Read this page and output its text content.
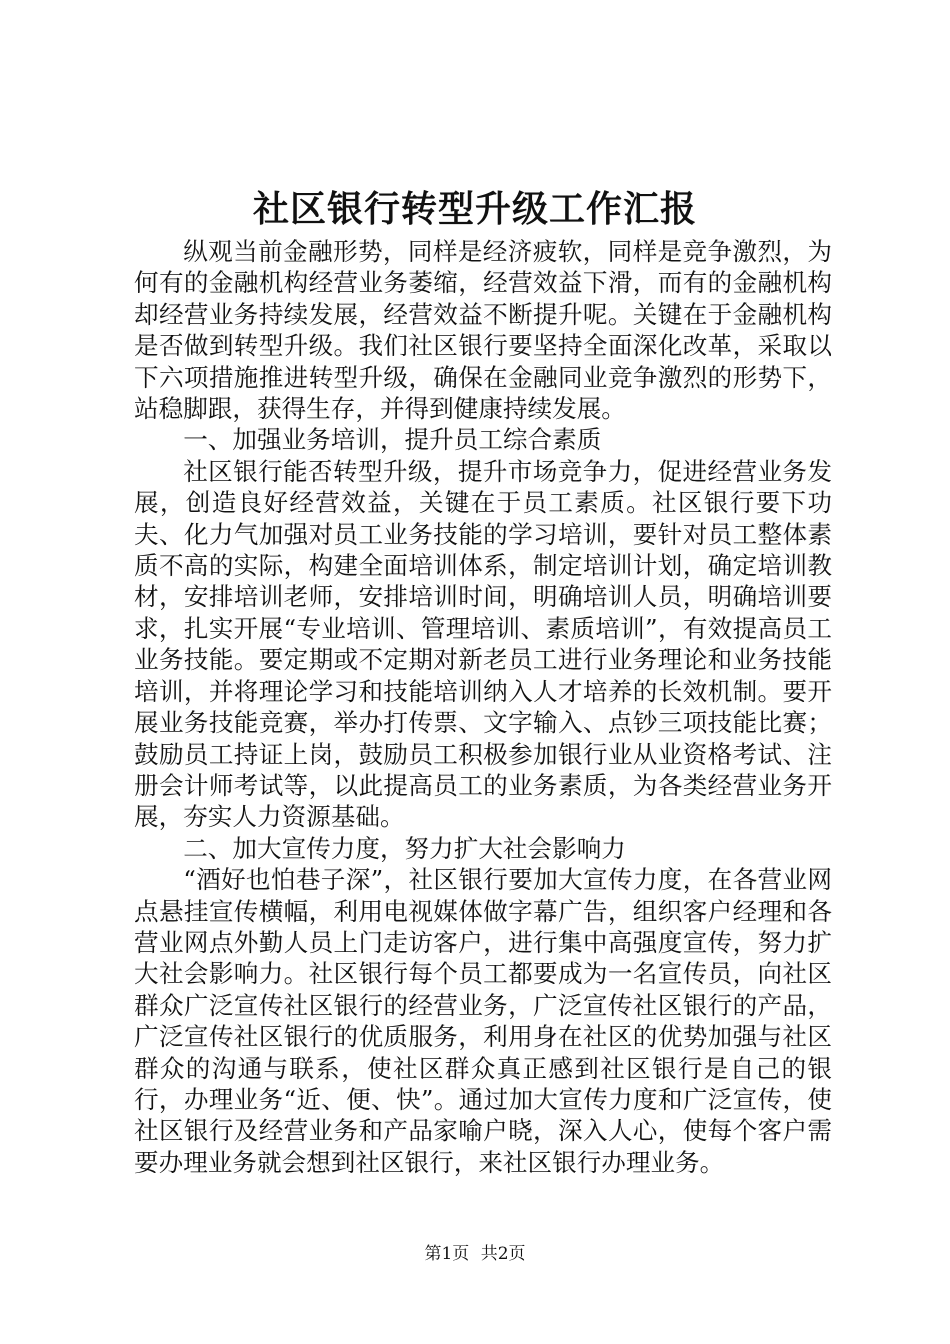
社区银行转型升级工作汇报

纵观当前金融形势，同样是经济疲软，同样是竞争激烈，为何有的金融机构经营业务萎缩，经营效益下滑，而有的金融机构却经营业务持续发展，经营效益不断提升呢。关键在于金融机构是否做到转型升级。我们社区银行要坚持全面深化改革，采取以下六项措施推进转型升级，确保在金融同业竞争激烈的形势下，站稳脚跟，获得生存，并得到健康持续发展。

一、加强业务培训，提升员工综合素质

社区银行能否转型升级，提升市场竞争力，促进经营业务发展，创造良好经营效益，关键在于员工素质。社区银行要下功夫、化力气加强对员工业务技能的学习培训，要针对员工整体素质不高的实际，构建全面培训体系，制定培训计划，确定培训教材，安排培训老师，安排培训时间，明确培训人员，明确培训要求，扎实开展“专业培训、管理培训、素质培训”，有效提高员工业务技能。要定期或不定期对新老员工进行业务理论和业务技能培训，并将理论学习和技能培训纳入人才培养的长效机制。要开展业务技能竞赛，举办打传票、文字输入、点钞三项技能比赛；鼓励员工持证上岗，鼓励员工积极参加银行业从业资格考试、注册会计师考试等，以此提高员工的业务素质，为各类经营业务开展，夯实人力资源基础。

二、加大宣传力度，努力扩大社会影响力

“酒好也怕巷子深”，社区银行要加大宣传力度，在各营业网点悬挂宣传横幅，利用电视媒体做字幕广告，组织客户经理和各营业网点外勤人员上门走访客户，进行集中高强度宣传，努力扩大社会影响力。社区银行每个员工都要成为一名宣传员，向社区群众广泛宣传社区银行的经营业务，广泛宣传社区银行的产品，广泛宣传社区银行的优质服务，利用身在社区的优势加强与社区群众的沟通与联系，使社区群众真正感到社区银行是自己的银行，办理业务“近、便、快”。通过加大宣传力度和广泛宣传，使社区银行及经营业务和产品家喻户晓，深入人心，使每个客户需要办理业务就会想到社区银行，来社区银行办理业务。

第1页 共2页
